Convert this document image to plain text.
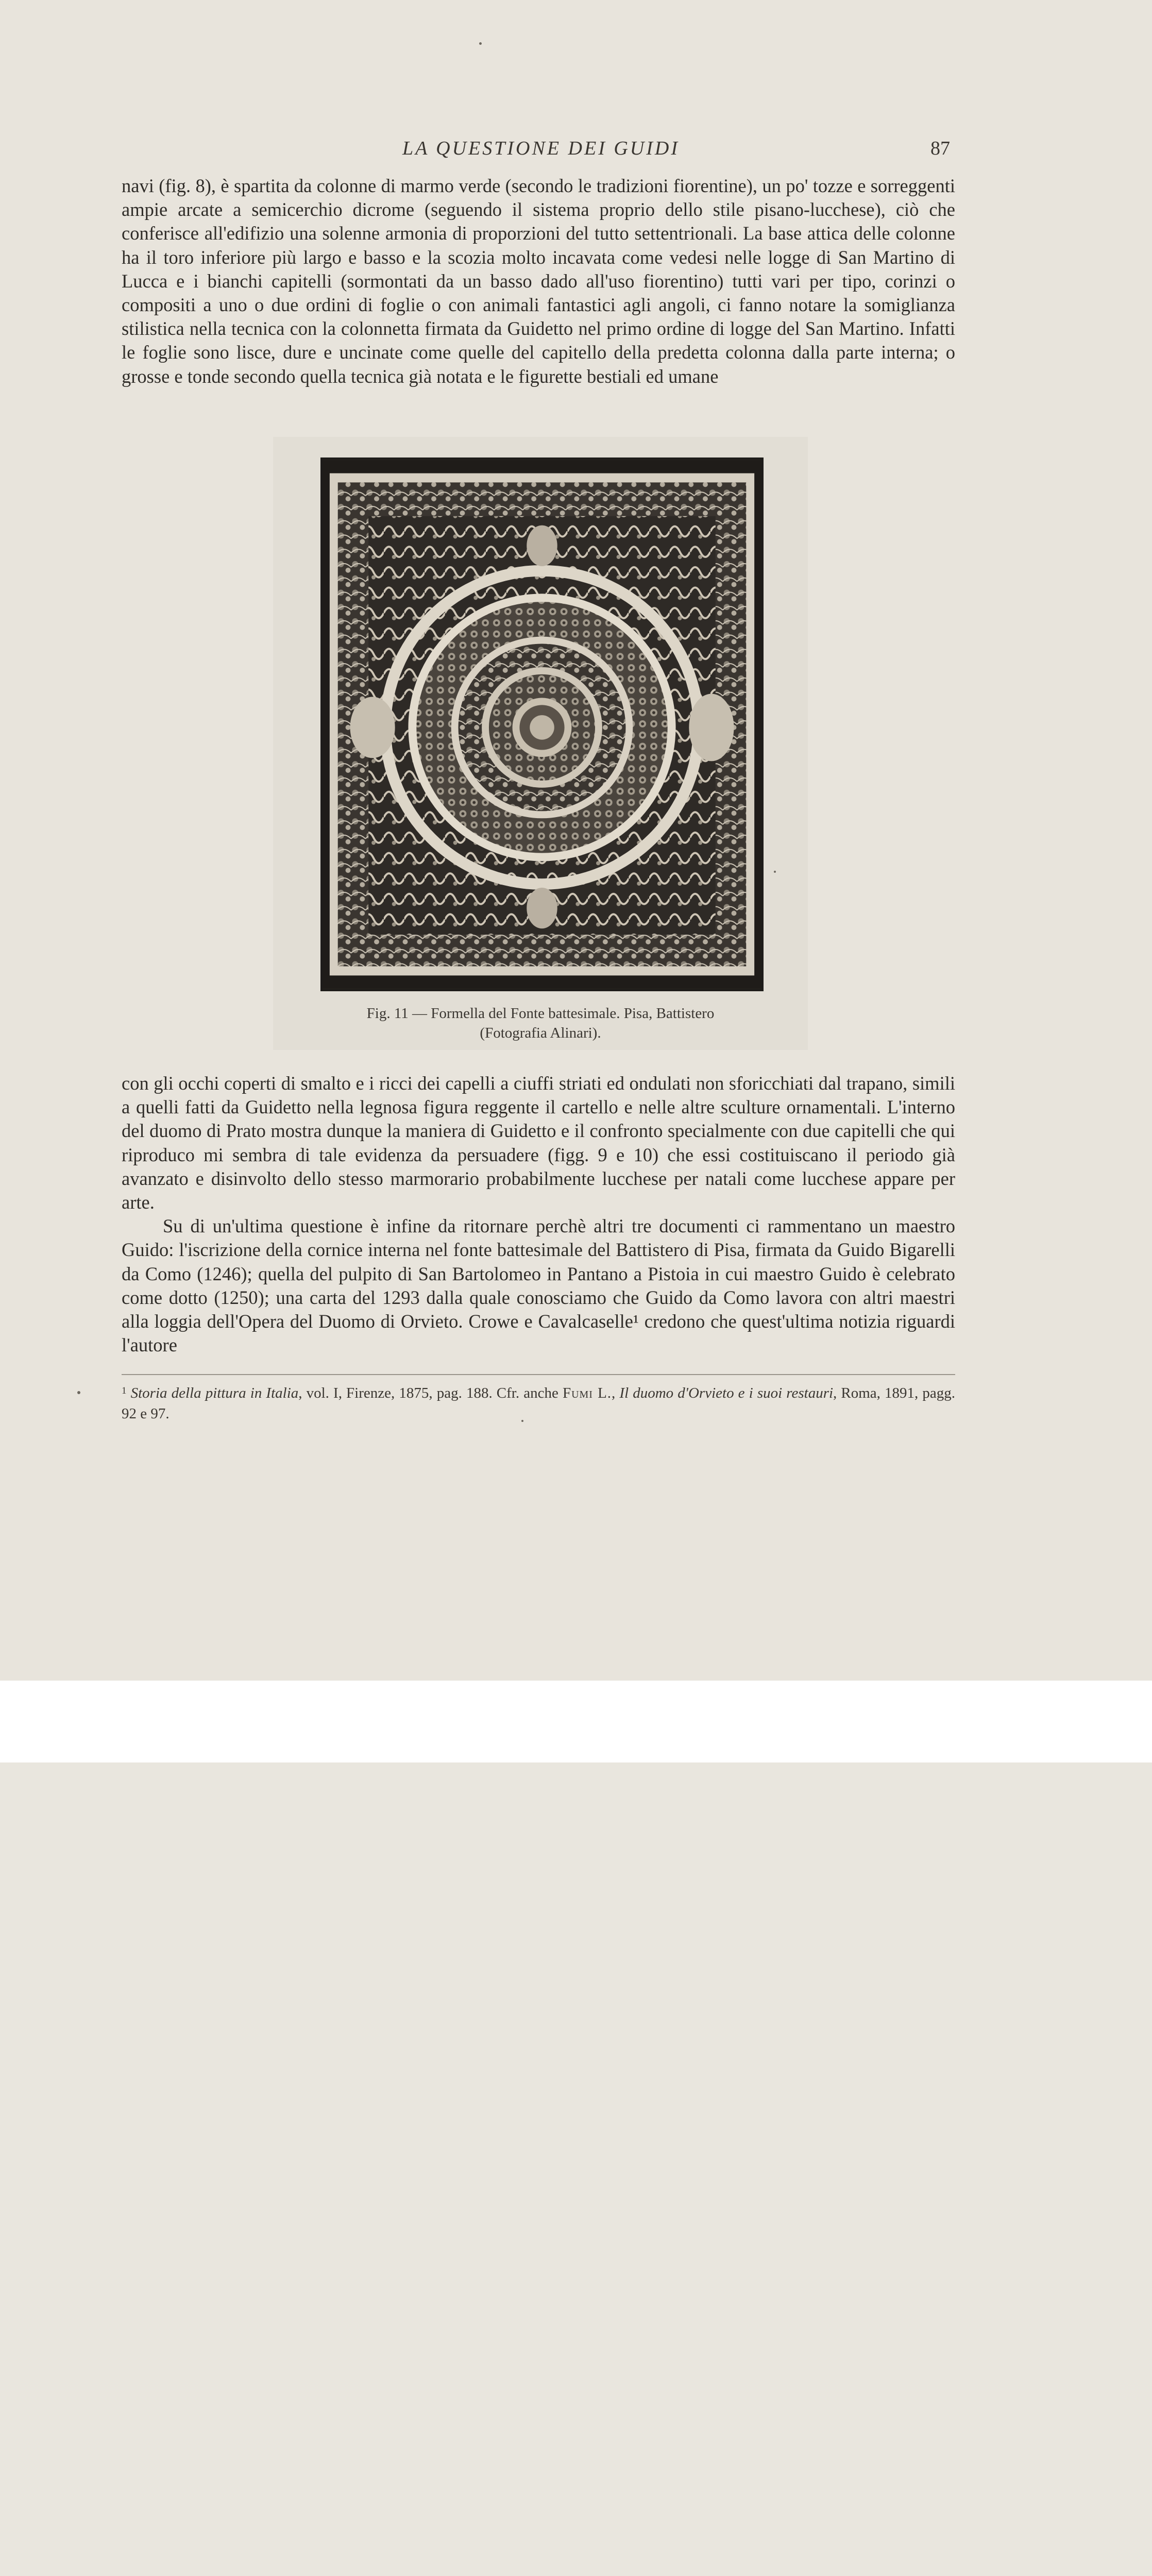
LA QUESTIONE DEI GUIDI	87

navi (fig. 8), è spartita da colonne di marmo verde (secondo le tradizioni fiorentine), un po' tozze e sorreggenti ampie arcate a semicerchio dicrome (seguendo il sistema proprio dello stile pisano-lucchese), ciò che conferisce all'edifizio una solenne armonia di proporzioni del tutto settentrionali. La base attica delle colonne ha il toro inferiore più largo e basso e la scozia molto incavata come vedesi nelle logge di San Martino di Lucca e i bianchi capitelli (sormontati da un basso dado all'uso fiorentino) tutti vari per tipo, corinzi o compositi a uno o due ordini di foglie o con animali fantastici agli angoli, ci fanno notare la somiglianza stilistica nella tecnica con la colonnetta firmata da Guidetto nel primo ordine di logge del San Martino. Infatti le foglie sono lisce, dure e uncinate come quelle del capitello della predetta colonna dalla parte interna; o grosse e tonde secondo quella tecnica già notata e le figurette bestiali ed umane

Fig. 11 — Formella del Fonte battesimale. Pisa, Battistero
(Fotografia Alinari).

con gli occhi coperti di smalto e i ricci dei capelli a ciuffi striati ed ondulati non sforicchiati dal trapano, simili a quelli fatti da Guidetto nella legnosa figura reggente il cartello e nelle altre sculture ornamentali. L'interno del duomo di Prato mostra dunque la maniera di Guidetto e il confronto specialmente con due capitelli che qui riproduco mi sembra di tale evidenza da persuadere (figg. 9 e 10) che essi costituiscano il periodo già avanzato e disinvolto dello stesso marmorario probabilmente lucchese per natali come lucchese appare per arte.

Su di un'ultima questione è infine da ritornare perchè altri tre documenti ci rammentano un maestro Guido: l'iscrizione della cornice interna nel fonte battesimale del Battistero di Pisa, firmata da Guido Bigarelli da Como (1246); quella del pulpito di San Bartolomeo in Pantano a Pistoia in cui maestro Guido è celebrato come dotto (1250); una carta del 1293 dalla quale conosciamo che Guido da Como lavora con altri maestri alla loggia dell'Opera del Duomo di Orvieto. Crowe e Cavalcaselle¹ credono che quest'ultima notizia riguardi l'autore

$^1$ Storia della pittura in Italia, vol. I, Firenze, 1875, pag. 188. Cfr. anche Fumi L., Il duomo d'Orvieto e i suoi restauri, Roma, 1891, pagg. 92 e 97.
